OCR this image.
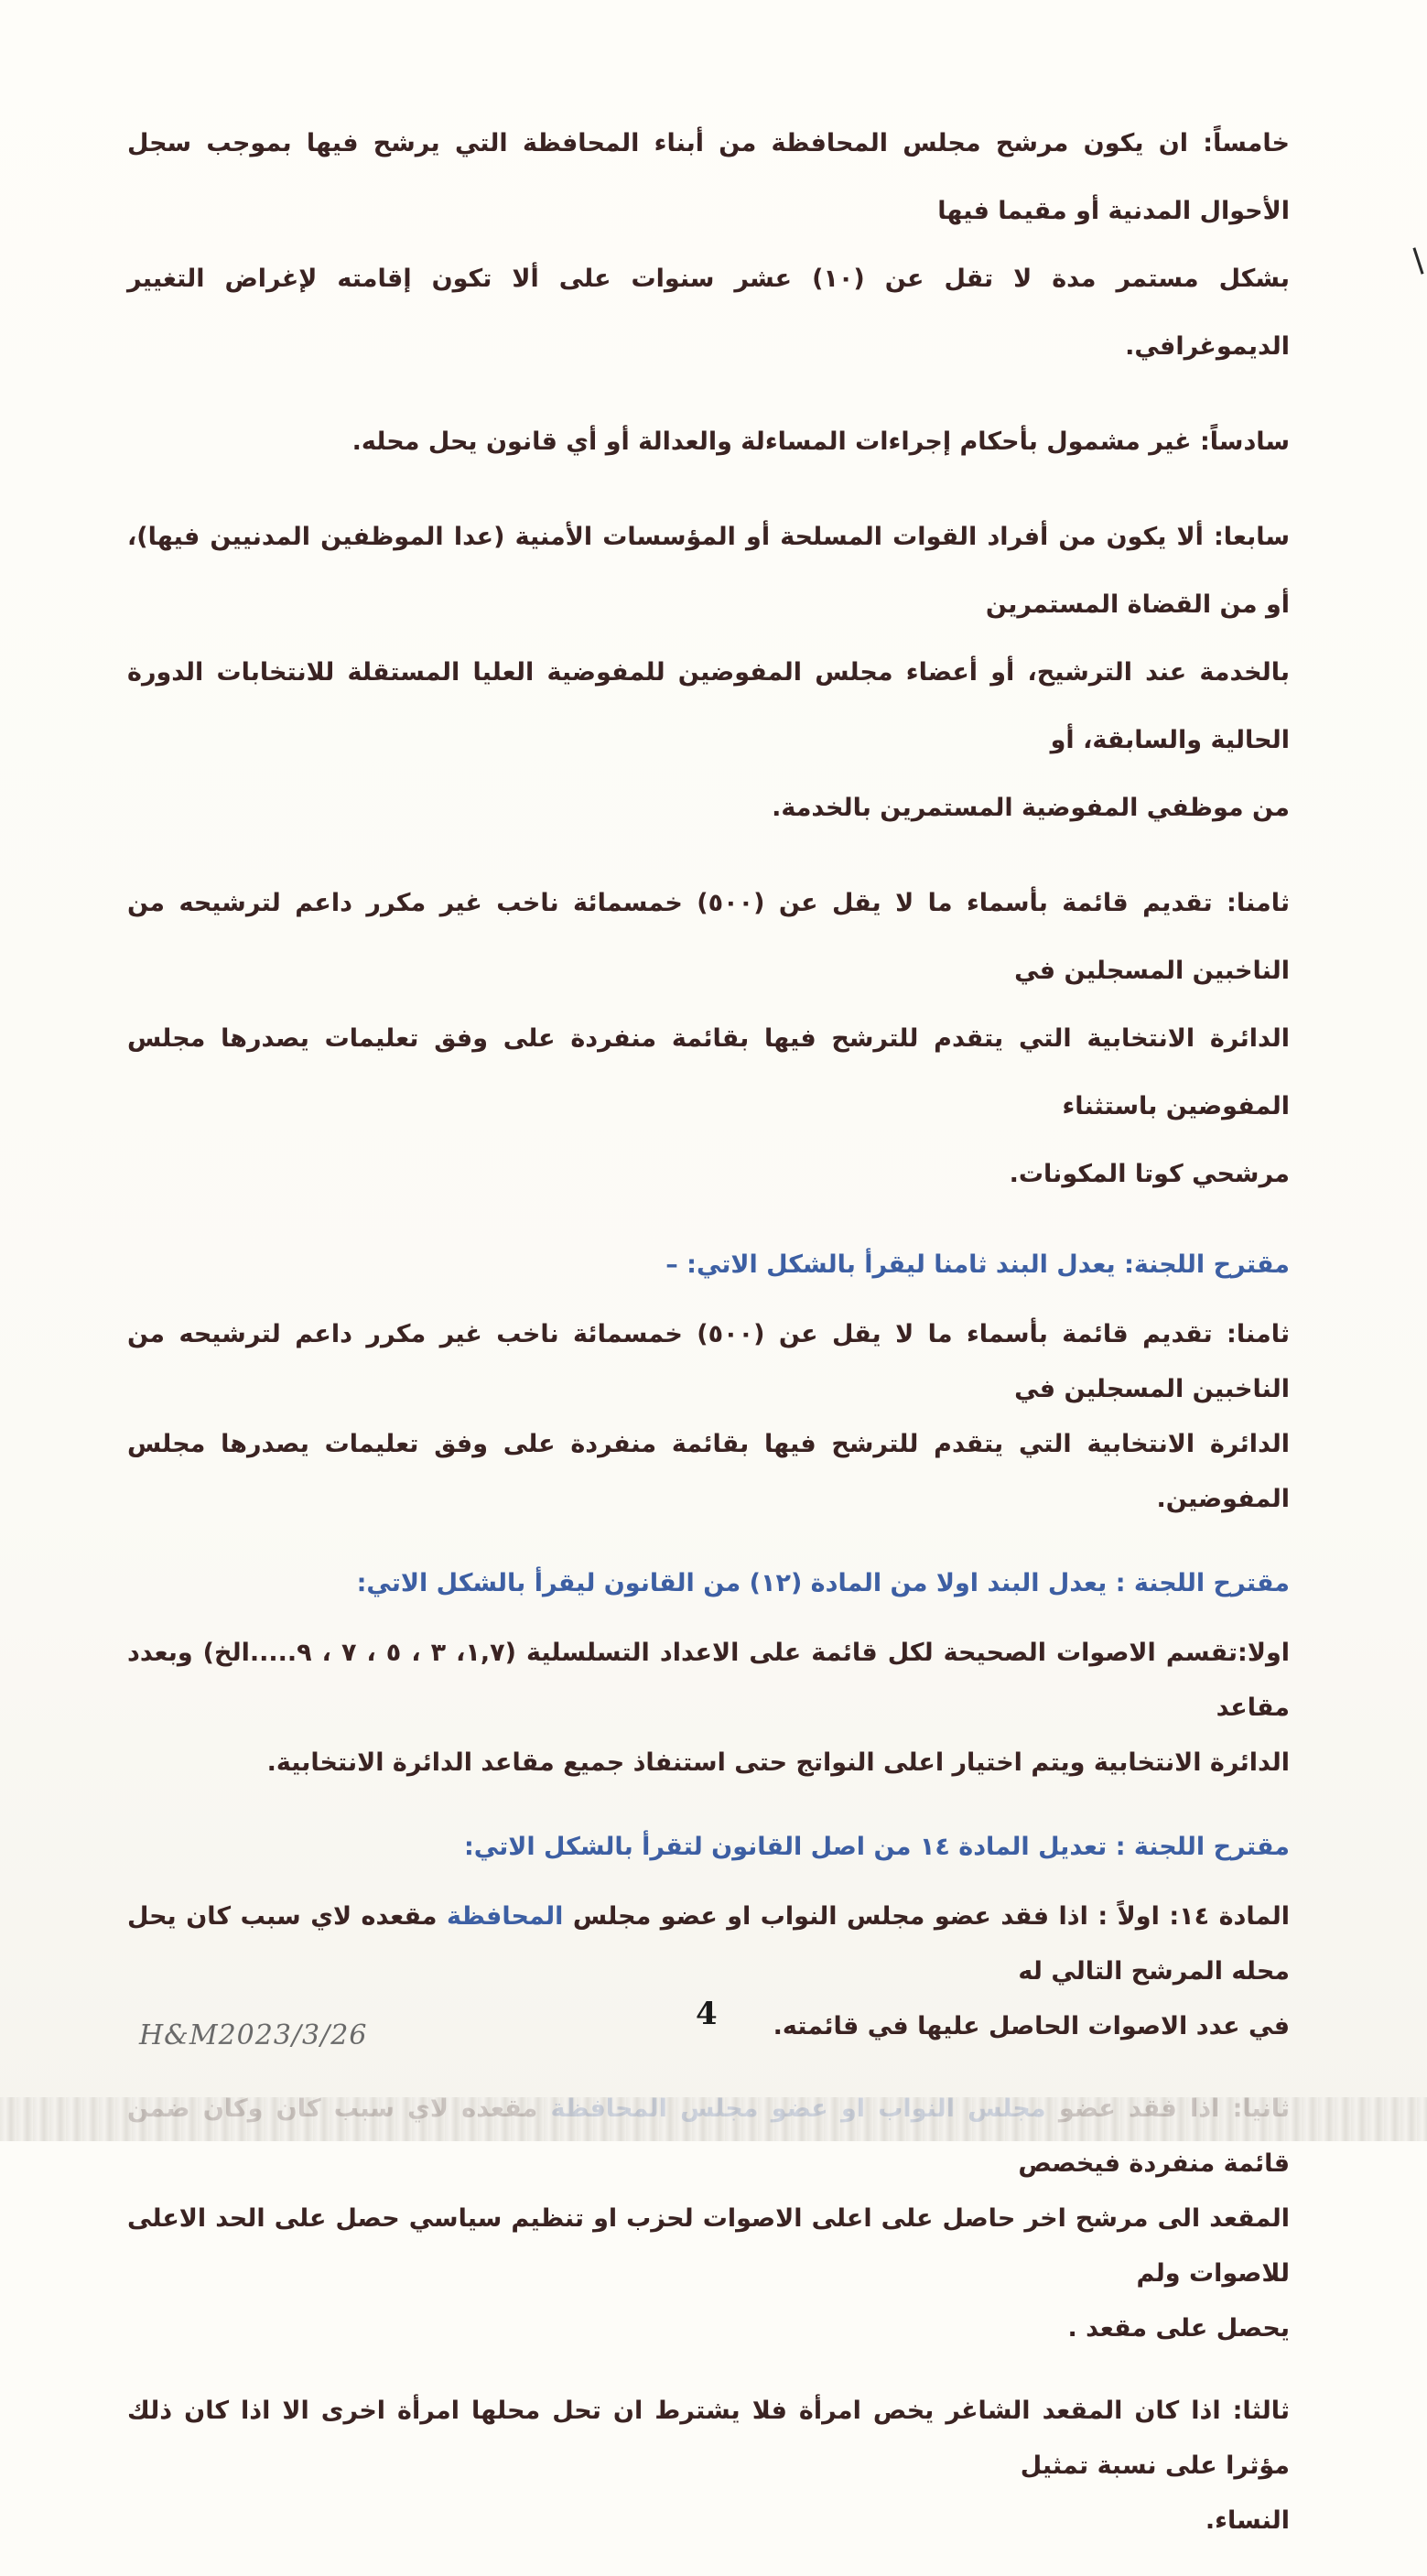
خامساً: ان يكون مرشح مجلس المحافظة من أبناء المحافظة التي يرشح فيها بموجب سجل الأحوال المدنية أو مقيما فيها
بشكل مستمر مدة لا تقل عن (١٠) عشر سنوات على ألا تكون إقامته لإغراض التغيير الديموغرافي.
سادساً: غير مشمول بأحكام إجراءات المساءلة والعدالة أو أي قانون يحل محله.
سابعا: ألا يكون من أفراد القوات المسلحة أو المؤسسات الأمنية (عدا الموظفين المدنيين فيها)، أو من القضاة المستمرين
بالخدمة عند الترشيح، أو أعضاء مجلس المفوضين للمفوضية العليا المستقلة للانتخابات الدورة الحالية والسابقة، أو
من موظفي المفوضية المستمرين بالخدمة.
ثامنا: تقديم قائمة بأسماء ما لا يقل عن (٥٠٠) خمسمائة ناخب غير مكرر داعم لترشيحه من الناخبين المسجلين في
الدائرة الانتخابية التي يتقدم للترشح فيها بقائمة منفردة على وفق تعليمات يصدرها مجلس المفوضين باستثناء
مرشحي كوتا المكونات.
مقترح اللجنة: يعدل البند ثامنا ليقرأ بالشكل الاتي: –
ثامنا: تقديم قائمة بأسماء ما لا يقل عن (٥٠٠) خمسمائة ناخب غير مكرر داعم لترشيحه من الناخبين المسجلين في
الدائرة الانتخابية التي يتقدم للترشح فيها بقائمة منفردة على وفق تعليمات يصدرها مجلس المفوضين.
مقترح اللجنة : يعدل البند اولا من المادة (١٢) من القانون ليقرأ بالشكل الاتي:
اولا:تقسم الاصوات الصحيحة لكل قائمة على الاعداد التسلسلية (١,٧، ٣ ، ٥ ، ٧ ، ٩.....الخ) وبعدد مقاعد
الدائرة الانتخابية ويتم اختيار اعلى النواتج حتى استنفاذ جميع مقاعد الدائرة الانتخابية.
مقترح اللجنة : تعديل المادة ١٤ من اصل القانون لتقرأ بالشكل الاتي:
المادة ١٤: اولاً : اذا فقد عضو مجلس النواب او عضو مجلس المحافظة مقعده لاي سبب كان يحل محله المرشح التالي له
في عدد الاصوات الحاصل عليها في قائمته.
قائمة منفردة فيخصص
المقعد الى مرشح اخر حاصل على اعلى الاصوات لحزب او تنظيم سياسي حصل على الحد الاعلى للاصوات ولم
يحصل على مقعد .
ثالثا: اذا كان المقعد الشاغر يخص امرأة فلا يشترط ان تحل محلها امرأة اخرى الا اذا كان ذلك مؤثرا على نسبة تمثيل
النساء.
4
H&M2023/3/26
